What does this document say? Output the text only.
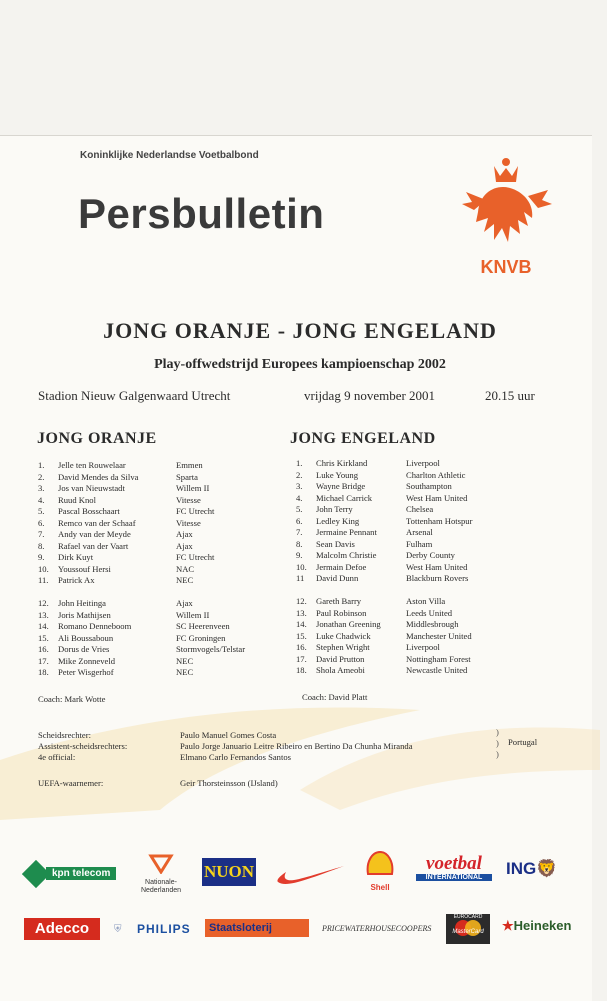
Koninklijke Nederlandse Voetbalbond
Persbulletin
KNVB
JONG ORANJE - JONG ENGELAND
Play-offwedstrijd Europees kampioenschap 2002
Stadion Nieuw Galgenwaard Utrecht	vrijdag 9 november 2001	20.15 uur
JONG ORANJE	JONG ENGELAND
1.	Jelle ten Rouwelaar	Emmen
2.	David Mendes da Silva	Sparta
3.	Jos van Nieuwstadt	Willem II
4.	Ruud Knol	Vitesse
5.	Pascal Bosschaart	FC Utrecht
6.	Remco van der Schaaf	Vitesse
7.	Andy van der Meyde	Ajax
8.	Rafael van der Vaart	Ajax
9.	Dirk Kuyt	FC Utrecht
10.	Youssouf Hersi	NAC
11.	Patrick Ax	NEC
12.	John Heitinga	Ajax
13.	Joris Mathijsen	Willem II
14.	Romano Denneboom	SC Heerenveen
15.	Ali Boussaboun	FC Groningen
16.	Dorus de Vries	Stormvogels/Telstar
17.	Mike Zonneveld	NEC
18.	Peter Wisgerhof	NEC
1.	Chris Kirkland	Liverpool
2.	Luke Young	Charlton Athletic
3.	Wayne Bridge	Southampton
4.	Michael Carrick	West Ham United
5.	John Terry	Chelsea
6.	Ledley King	Tottenham Hotspur
7.	Jermaine Pennant	Arsenal
8.	Sean Davis	Fulham
9.	Malcolm Christie	Derby County
10.	Jermain Defoe	West Ham United
11	David Dunn	Blackburn Rovers
12.	Gareth Barry	Aston Villa
13.	Paul Robinson	Leeds United
14.	Jonathan Greening	Middlesbrough
15.	Luke Chadwick	Manchester United
16.	Stephen Wright	Liverpool
17.	David Prutton	Nottingham Forest
18.	Shola Ameobi	Newcastle United
Coach: Mark Wotte	Coach: David Platt
Scheidsrechter:	Paulo Manuel Gomes Costa
Assistent-scheidsrechters:	Paulo Jorge Januario Leitre Ribeiro en Bertino Da Chunha Miranda
4e official:	Elmano Carlo Fernandos Santos
UEFA-waarnemer:	Geir Thorsteinsson (IJsland)
)
)
)
Portugal
kpn telecom
Nationale-Nederlanden
NUON
Shell
voetbal
INTERNATIONAL	ING🦁
Adecco	⛨ PHILIPS	Staatsloterij	PRICEWATERHOUSECOOPERS
EUROCARD
MasterCard	★Heineken
